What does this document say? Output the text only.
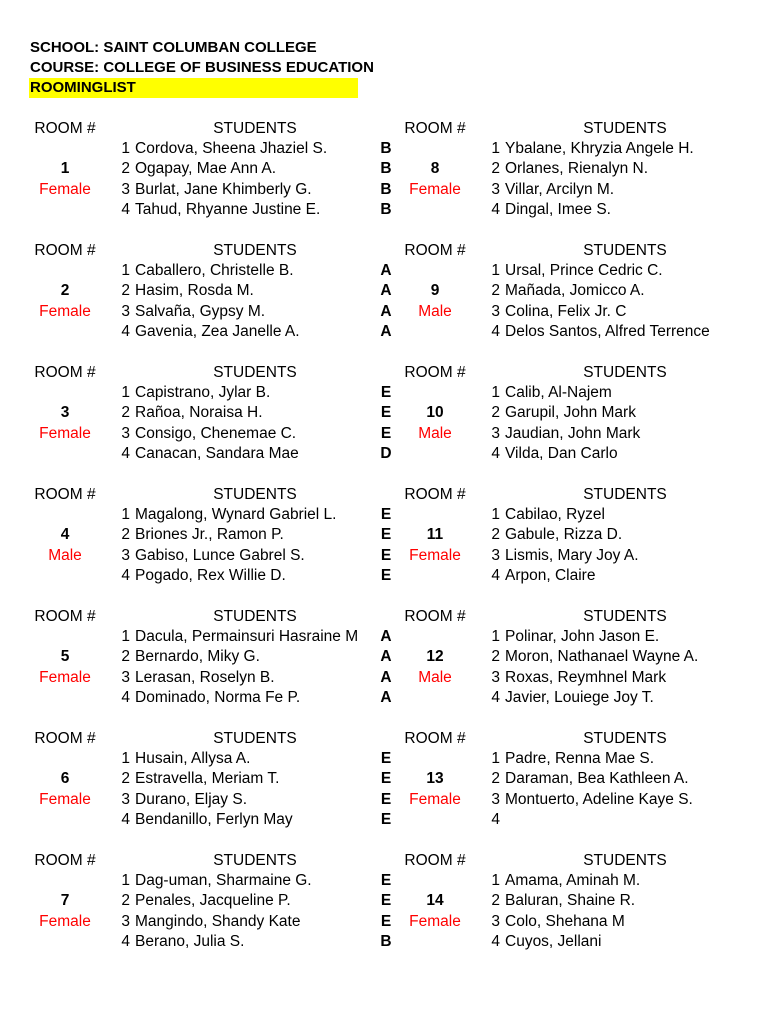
SCHOOL: SAINT COLUMBAN COLLEGE
COURSE: COLLEGE OF BUSINESS EDUCATION
ROOMINGLIST
ROOM #	STUDENTS
1 Cordova, Sheena Jhaziel S.	B
1	2 Ogapay, Mae Ann A.	B
Female	3 Burlat, Jane Khimberly G.	B
4 Tahud, Rhyanne Justine E.	B
ROOM #	STUDENTS
1 Ybalane, Khryzia Angele H.
8	2 Orlanes, Rienalyn N.
Female	3 Villar, Arcilyn M.
4 Dingal, Imee S.
ROOM #	STUDENTS
1 Caballero, Christelle B.	A
2	2 Hasim, Rosda M.	A
Female	3 Salvaña, Gypsy M.	A
4 Gavenia, Zea Janelle A.	A
ROOM #	STUDENTS
1 Ursal, Prince Cedric C.
9	2 Mañada, Jomicco A.
Male	3 Colina, Felix Jr. C
4 Delos Santos, Alfred Terrence
ROOM #	STUDENTS
1 Capistrano, Jylar B.	E
3	2 Rañoa, Noraisa H.	E
Female	3 Consigo, Chenemae C.	E
4 Canacan, Sandara Mae	D
ROOM #	STUDENTS
1 Calib, Al-Najem
10	2 Garupil, John Mark
Male	3 Jaudian, John Mark
4 Vilda, Dan Carlo
ROOM #	STUDENTS
1 Magalong, Wynard Gabriel L.	E
4	2 Briones Jr., Ramon P.	E
Male	3 Gabiso, Lunce Gabrel S.	E
4 Pogado, Rex Willie D.	E
ROOM #	STUDENTS
1 Cabilao, Ryzel
11	2 Gabule, Rizza D.
Female	3 Lismis, Mary Joy A.
4 Arpon, Claire
ROOM #	STUDENTS
1 Dacula, Permainsuri Hasraine M	A
5	2 Bernardo, Miky G.	A
Female	3 Lerasan, Roselyn B.	A
4 Dominado, Norma Fe P.	A
ROOM #	STUDENTS
1 Polinar, John Jason E.
12	2 Moron, Nathanael Wayne A.
Male	3 Roxas, Reymhnel Mark
4 Javier, Louiege Joy T.
ROOM #	STUDENTS
1 Husain, Allysa A.	E
6	2 Estravella, Meriam T.	E
Female	3 Durano, Eljay S.	E
4 Bendanillo, Ferlyn May	E
ROOM #	STUDENTS
1 Padre, Renna Mae S.
13	2 Daraman, Bea Kathleen A.
Female	3 Montuerto, Adeline Kaye S.
4
ROOM #	STUDENTS
1 Dag-uman, Sharmaine G.	E
7	2 Penales, Jacqueline P.	E
Female	3 Mangindo, Shandy Kate	E
4 Berano, Julia S.	B
ROOM #	STUDENTS
1 Amama, Aminah M.
14	2 Baluran, Shaine R.
Female	3 Colo, Shehana M
4 Cuyos, Jellani
